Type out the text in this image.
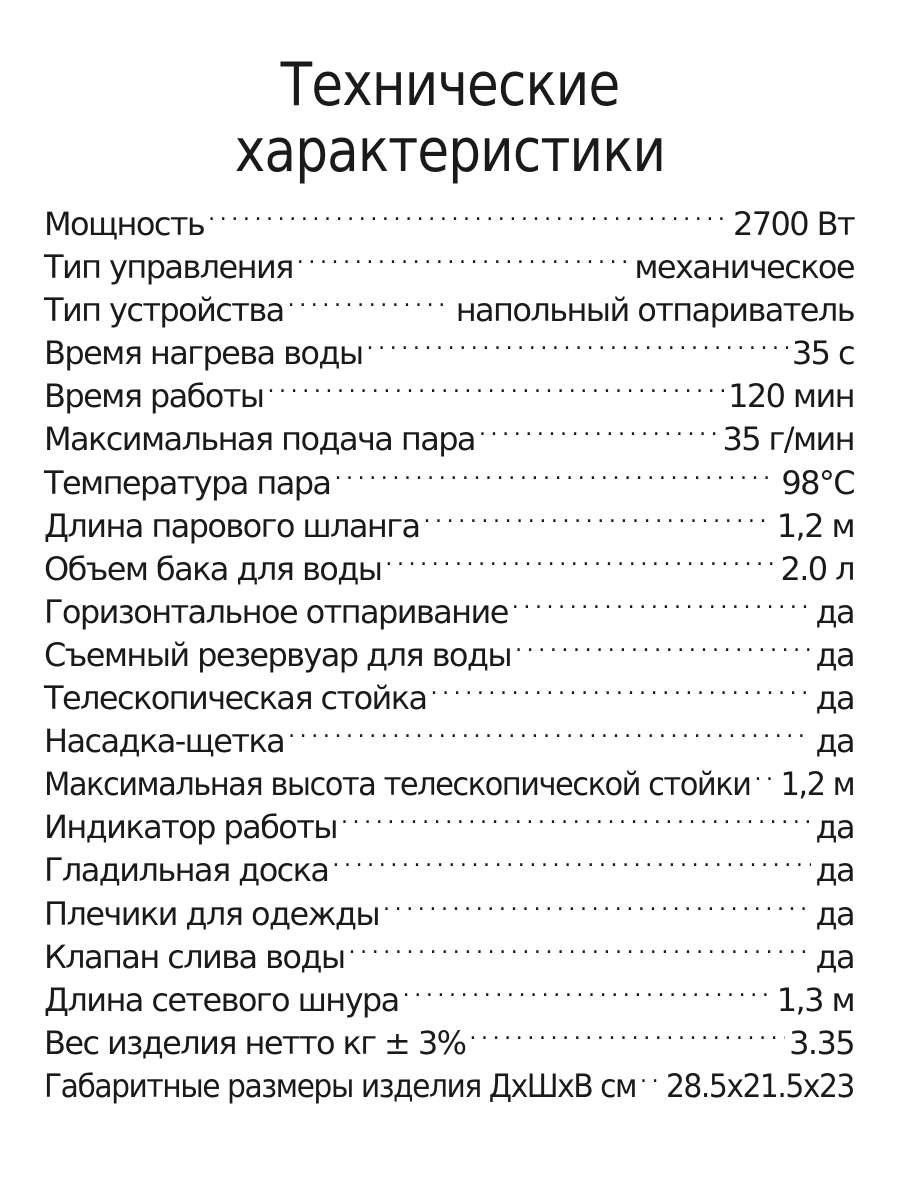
Технические
характеристики
Мощность . . .	2700 Вт
Тип управления . . .	механическое
Тип устройства . . .	напольный отпариватель
Время нагрева воды . . .	35 с
Время работы . . .	120 мин
Максимальная подача пара . . .	35 г/мин
Температура пара . . .	98°С
Длина парового шланга . . .	1,2 м
Объем бака для воды . . .	2.0 л
Горизонтальное отпаривание . . .	да
Съемный резервуар для воды . . .	да
Телескопическая стойка . . .	да
Насадка-щетка . . .	да
Максимальная высота телескопической стойки . . . 1,2 м
Индикатор работы . . .	да
Гладильная доска . . .	да
Плечики для одежды . . .	да
Клапан слива воды . . .	да
Длина сетевого шнура . . .	1,3 м
Вес изделия нетто кг ± 3% . . .	3.35
Габаритные размеры изделия ДхШхВ см . . . 28.5x21.5x23
